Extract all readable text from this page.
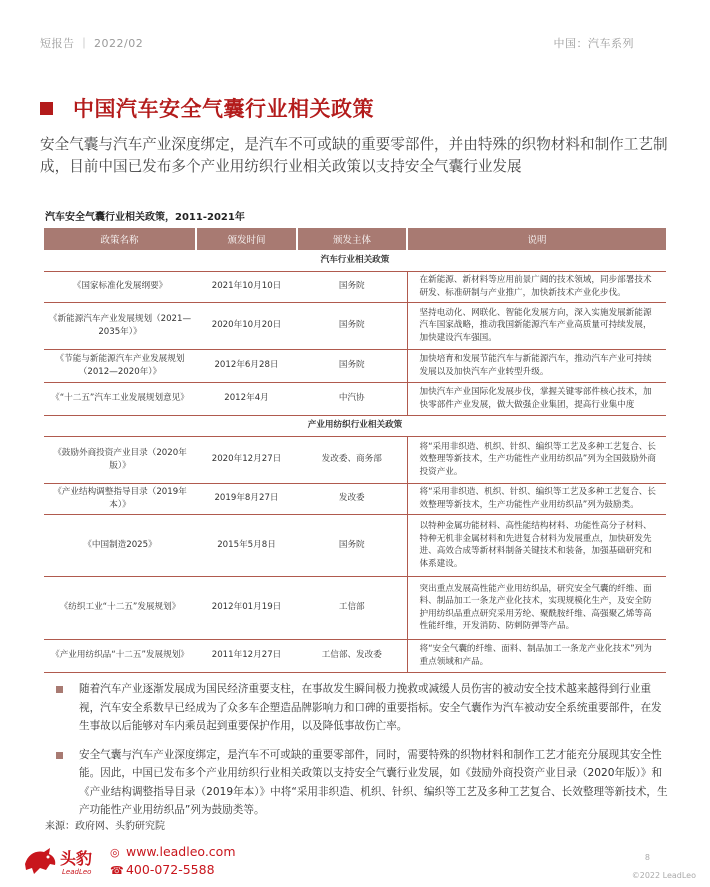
短报告 ｜ 2022/02	中国：汽车系列
中国汽车安全气囊行业相关政策
安全气囊与汽车产业深度绑定，是汽车不可或缺的重要零部件，并由特殊的织物材料和制作工艺制成，目前中国已发布多个产业用纺织行业相关政策以支持安全气囊行业发展
汽车安全气囊行业相关政策，2011-2021年
政策名称	颁发时间	颁发主体	说明
汽车行业相关政策			
《国家标准化发展纲要》	2021年10月10日	国务院	在新能源、新材料等应用前景广阔的技术领域，同步部署技术研发、标准研制与产业推广，加快新技术产业化步伐。
《新能源汽车产业发展规划（2021—2035年）》	2020年10月20日	国务院	坚持电动化、网联化、智能化发展方向，深入实施发展新能源汽车国家战略，推动我国新能源汽车产业高质量可持续发展，加快建设汽车强国。
《节能与新能源汽车产业发展规划（2012—2020年）》	2012年6月28日	国务院	加快培育和发展节能汽车与新能源汽车，推动汽车产业可持续发展以及加快汽车产业转型升级。
《“十二五”汽车工业发展规划意见》	2012年4月	中汽协	加快汽车产业国际化发展步伐，掌握关键零部件核心技术，加快零部件产业发展，做大做强企业集团，提高行业集中度
产业用纺织行业相关政策			
《鼓励外商投资产业目录（2020年版）》	2020年12月27日	发改委、商务部	将“采用非织造、机织、针织、编织等工艺及多种工艺复合、长效整理等新技术，生产功能性产业用纺织品”列为全国鼓励外商投资产业。
《产业结构调整指导目录（2019年本）》	2019年8月27日	发改委	将“采用非织造、机织、针织、编织等工艺及多种工艺复合、长效整理等新技术，生产功能性产业用纺织品”列为鼓励类。
《中国制造2025》	2015年5月8日	国务院	以特种金属功能材料、高性能结构材料、功能性高分子材料、特种无机非金属材料和先进复合材料为发展重点，加快研发先进、高效合成等新材料制备关键技术和装备，加强基础研究和体系建设。
《纺织工业“十二五”发展规划》	2012年01月19日	工信部	突出重点发展高性能产业用纺织品，研究安全气囊的纤维、面料、制品加工一条龙产业化技术，实现规模化生产，及安全防护用纺织品重点研究采用芳纶、聚酰胺纤维、高强聚乙烯等高性能纤维，开发消防、防刺防弹等产品。
《产业用纺织品“十二五”发展规划》	2011年12月27日	工信部、发改委	将“安全气囊的纤维、面料、制品加工一条龙产业化技术”列为重点领域和产品。
随着汽车产业逐渐发展成为国民经济重要支柱，在事故发生瞬间极力挽救或减缓人员伤害的被动安全技术越来越得到行业重视，汽车安全系数早已经成为了众多车企塑造品牌影响力和口碑的重要指标。安全气囊作为汽车被动安全系统重要部件，在发生事故以后能够对车内乘员起到重要保护作用，以及降低事故伤亡率。
安全气囊与汽车产业深度绑定，是汽车不可或缺的重要零部件，同时，需要特殊的织物材料和制作工艺才能充分展现其安全性能。因此，中国已发布多个产业用纺织行业相关政策以支持安全气囊行业发展，如《鼓励外商投资产业目录（2020年版）》和《产业结构调整指导目录（2019年本）》中将“采用非织造、机织、针织、编织等工艺及多种工艺复合、长效整理等新技术，生产功能性产业用纺织品”列为鼓励类等。
来源：政府网、头豹研究院
头豹
LeadLeo
◎ www.leadleo.com
☎ 400-072-5588
8
©2022 LeadLeo
